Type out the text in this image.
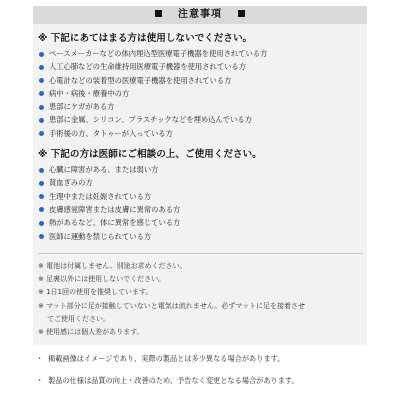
注意事項
※ 下記にあてはまる方は使用しないでください。
ペースメーカーなどの体内埋込型医療電子機器を使用されている方
人工心肺などの生命維持用医療電子機器を使用されている方
心電計などの装着型の医療電子機器を使用されている方
病中・病後・療養中の方
患部にケガがある方
患部に金属、シリコン、プラスチックなどを埋め込んでいる方
手術後の方、タトゥーが入っている方
※ 下記の方は医師にご相談の上、ご使用ください。
心臓に障害がある、または弱い方
貧血ぎみの方
生理中または妊娠されている方
皮膚感覚障害または皮膚に異常のある方
熱があるなど、体に異常を感じている方
医師に運動を禁じられている方

※ 電池は付属しません。別途お求めください。

※ 足裏以外には使用しないでください。

※ 1日1回の使用を推奨しています。

※ マット部分に足が接触していないと電気は流れません。必ずマットに足を接着させ

てご使用ください。

※ 使用感には個人差があります。

・ 掲載画像はイメージであり、実際の製品とは多少異なる場合があります。

・ 製品の仕様は品質の向上・改善のため、予告なく変更となる場合があります。
